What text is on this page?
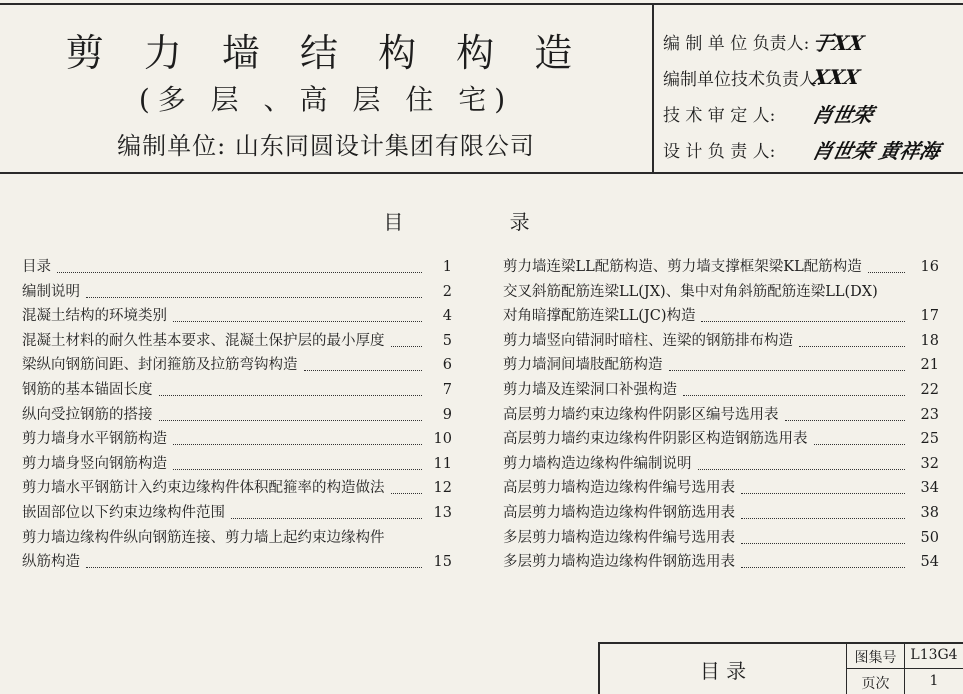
剪 力 墙 结 构 构 造
(多 层 、高 层 住 宅)
编制单位: 山东同圆设计集团有限公司
编 制 单 位 负责人: 于XX
编制单位技术负责人:
XXX
技 术 审 定 人:	肖世荣
设 计 负 责 人:	肖世荣 黄祥海
目 录
目录	1
编制说明	2
混凝土结构的环境类别	4
混凝土材料的耐久性基本要求、混凝土保护层的最小厚度	5
梁纵向钢筋间距、封闭箍筋及拉筋弯钩构造	6
钢筋的基本锚固长度	7
纵向受拉钢筋的搭接	9
剪力墙身水平钢筋构造	10
剪力墙身竖向钢筋构造	11
剪力墙水平钢筋计入约束边缘构件体积配箍率的构造做法	12
嵌固部位以下约束边缘构件范围	13
剪力墙边缘构件纵向钢筋连接、剪力墙上起约束边缘构件
纵筋构造	15
剪力墙连梁LL配筋构造、剪力墙支撑框架梁KL配筋构造	16
交叉斜筋配筋连梁LL(JX)、集中对角斜筋配筋连梁LL(DX)
对角暗撑配筋连梁LL(JC)构造	17
剪力墙竖向错洞时暗柱、连梁的钢筋排布构造	18
剪力墙洞间墙肢配筋构造	21
剪力墙及连梁洞口补强构造	22
高层剪力墙约束边缘构件阴影区编号选用表	23
高层剪力墙约束边缘构件阴影区构造钢筋选用表	25
剪力墙构造边缘构件编制说明	32
高层剪力墙构造边缘构件编号选用表	34
高层剪力墙构造边缘构件钢筋选用表	38
多层剪力墙构造边缘构件编号选用表	50
多层剪力墙构造边缘构件钢筋选用表	54
目 录
图集号 L13G4
页次	1
